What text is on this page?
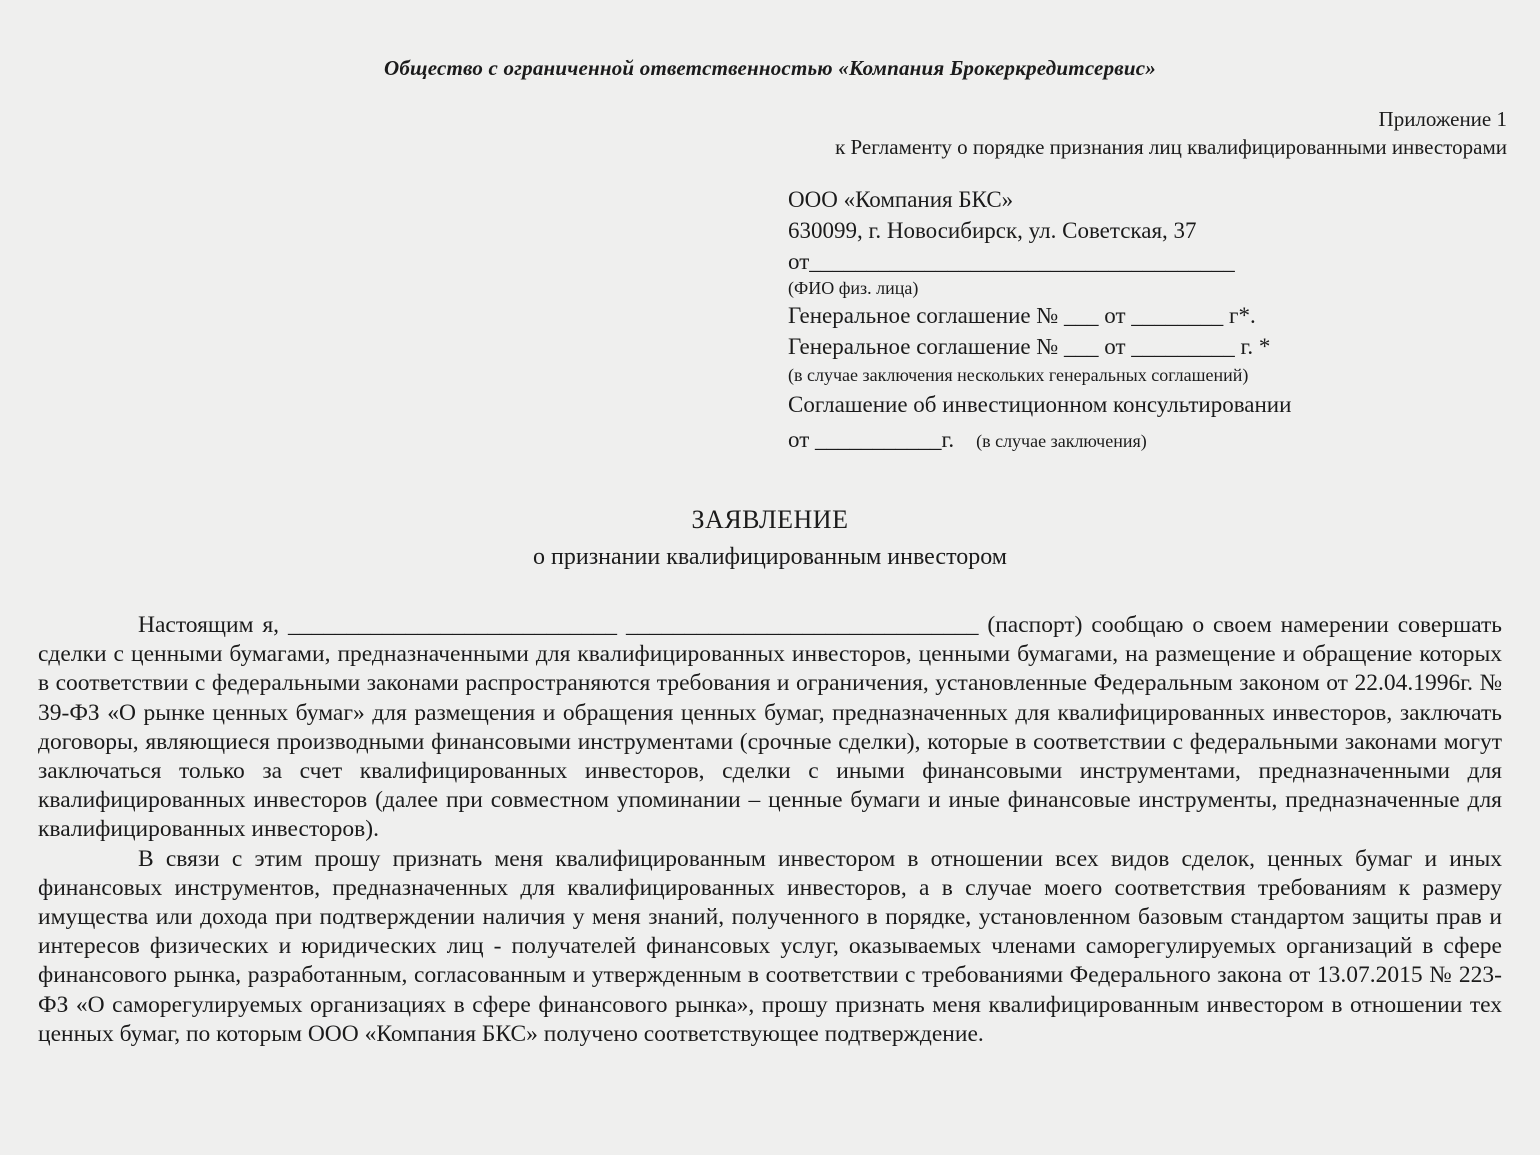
Общество с ограниченной ответственностью «Компания Брокеркредитсервис»
Приложение 1
к Регламенту о порядке признания лиц квалифицированными инвесторами
ООО «Компания БКС»
630099, г. Новосибирск, ул. Советская, 37
от_____________________________________
(ФИО физ. лица)
Генеральное соглашение № ___ от ________ г*.
Генеральное соглашение № ___ от _________ г. *
(в случае заключения нескольких генеральных соглашений)
Соглашение об инвестиционном консультировании
от ___________г. (в случае заключения)
ЗАЯВЛЕНИЕ
о признании квалифицированным инвестором

Настоящим я, ____________________________ ______________________________ (паспорт) сообщаю о своем намерении совершать сделки с ценными бумагами, предназначенными для квалифицированных инвесторов, ценными бумагами, на размещение и обращение которых в соответствии с федеральными законами распространяются требования и ограничения, установленные Федеральным законом от 22.04.1996г. № 39-ФЗ «О рынке ценных бумаг» для размещения и обращения ценных бумаг, предназначенных для квалифицированных инвесторов, заключать договоры, являющиеся производными финансовыми инструментами (срочные сделки), которые в соответствии с федеральными законами могут заключаться только за счет квалифицированных инвесторов, сделки с иными финансовыми инструментами, предназначенными для квалифицированных инвесторов (далее при совместном упоминании – ценные бумаги и иные финансовые инструменты, предназначенные для квалифицированных инвесторов).

В связи с этим прошу признать меня квалифицированным инвестором в отношении всех видов сделок, ценных бумаг и иных финансовых инструментов, предназначенных для квалифицированных инвесторов, а в случае моего соответствия требованиям к размеру имущества или дохода при подтверждении наличия у меня знаний, полученного в порядке, установленном базовым стандартом защиты прав и интересов физических и юридических лиц - получателей финансовых услуг, оказываемых членами саморегулируемых организаций в сфере финансового рынка, разработанным, согласованным и утвержденным в соответствии с требованиями Федерального закона от 13.07.2015 № 223-ФЗ «О саморегулируемых организациях в сфере финансового рынка», прошу признать меня квалифицированным инвестором в отношении тех ценных бумаг, по которым ООО «Компания БКС» получено соответствующее подтверждение.
